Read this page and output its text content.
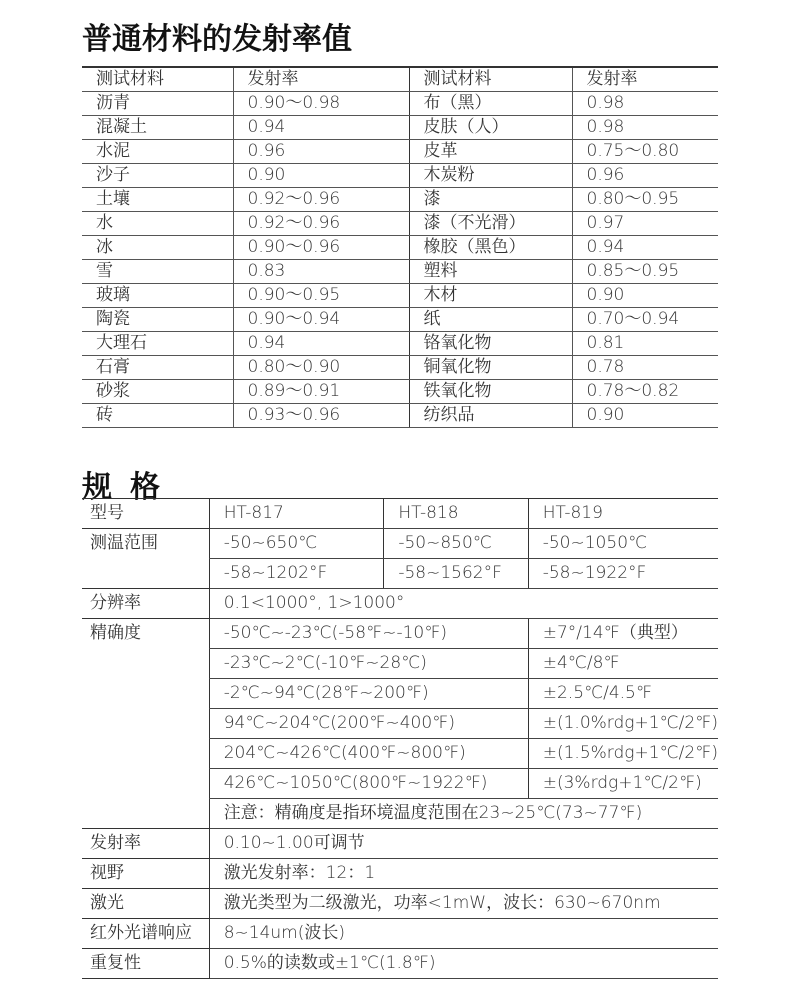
普通材料的发射率值
测试材料	发射率	测试材料	发射率
沥青	0.90～0.98	布（黑）	0.98
混凝土	0.94	皮肤（人）	0.98
水泥	0.96	皮革	0.75～0.80
沙子	0.90	木炭粉	0.96
土壤	0.92～0.96	漆	0.80～0.95
水	0.92～0.96	漆（不光滑）	0.97
冰	0.90～0.96	橡胶（黑色）	0.94
雪	0.83	塑料	0.85～0.95
玻璃	0.90～0.95	木材	0.90
陶瓷	0.90～0.94	纸	0.70～0.94
大理石	0.94	铬氧化物	0.81
石膏	0.80～0.90	铜氧化物	0.78
砂浆	0.89～0.91	铁氧化物	0.78～0.82
砖	0.93～0.96	纺织品	0.90
规格
型号	HT-817	HT-818	HT-819
测温范围	-50~650℃	-50~850℃	-50~1050℃
	-58~1202°F	-58~1562°F	-58~1922°F
分辨率	0.1<1000°, 1>1000°		
精确度	-50℃~-23℃(-58℉~-10℉)		±7°/14℉（典型）
	-23℃~2℃(-10℉~28℃)		±4℃/8℉
	-2℃~94℃(28℉~200℉)		±2.5℃/4.5℉
	94℃~204℃(200℉~400℉)		±(1.0%rdg+1℃/2℉)
	204℃~426℃(400℉~800℉)		±(1.5%rdg+1℃/2℉)
	426℃~1050℃(800℉~1922℉)		±(3%rdg+1℃/2℉)
	注意：精确度是指环境温度范围在23~25℃(73~77℉)		
发射率	0.10~1.00可调节		
视野	激光发射率：12：1		
激光	激光类型为二级激光，功率<1mW，波长：630~670nm		
红外光谱响应	8~14um(波长)		
重复性	0.5%的读数或±1℃(1.8℉)		
